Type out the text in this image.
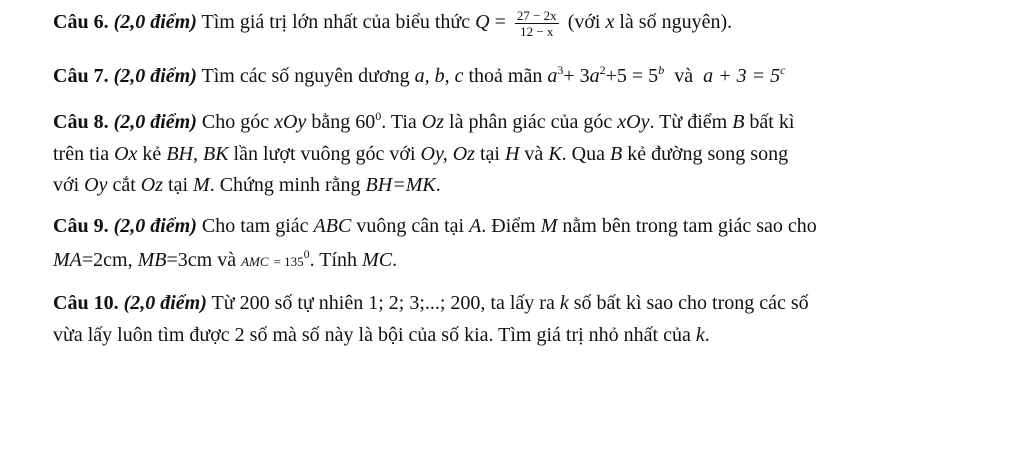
Câu 6. (2,0 điểm) Tìm giá trị lớn nhất của biểu thức $Q = \frac{27 - 2x}{12 - x}$ (với x là số nguyên).
Câu 7. (2,0 điểm) Tìm các số nguyên dương a, b, c thoả mãn $a^3+ 3a^2+5 = 5^b$ và $a + 3 = 5^c$
Câu 8. (2,0 điểm) Cho góc xOy bằng $60^0$. Tia Oz là phân giác của góc xOy. Từ điểm B bất kì
trên tia Ox kẻ BH, BK lần lượt vuông góc với Oy, Oz tại H và K. Qua B kẻ đường song song
với Oy cắt Oz tại M. Chứng minh rằng BH=MK.
Câu 9. (2,0 điểm) Cho tam giác ABC vuông cân tại A. Điểm M nằm bên trong tam giác sao cho
MA=2cm, MB=3cm và AMC = $135^0$. Tính MC.
Câu 10. (2,0 điểm) Từ 200 số tự nhiên 1; 2; 3;...; 200, ta lấy ra k số bất kì sao cho trong các số
vừa lấy luôn tìm được 2 số mà số này là bội của số kia. Tìm giá trị nhỏ nhất của k.
